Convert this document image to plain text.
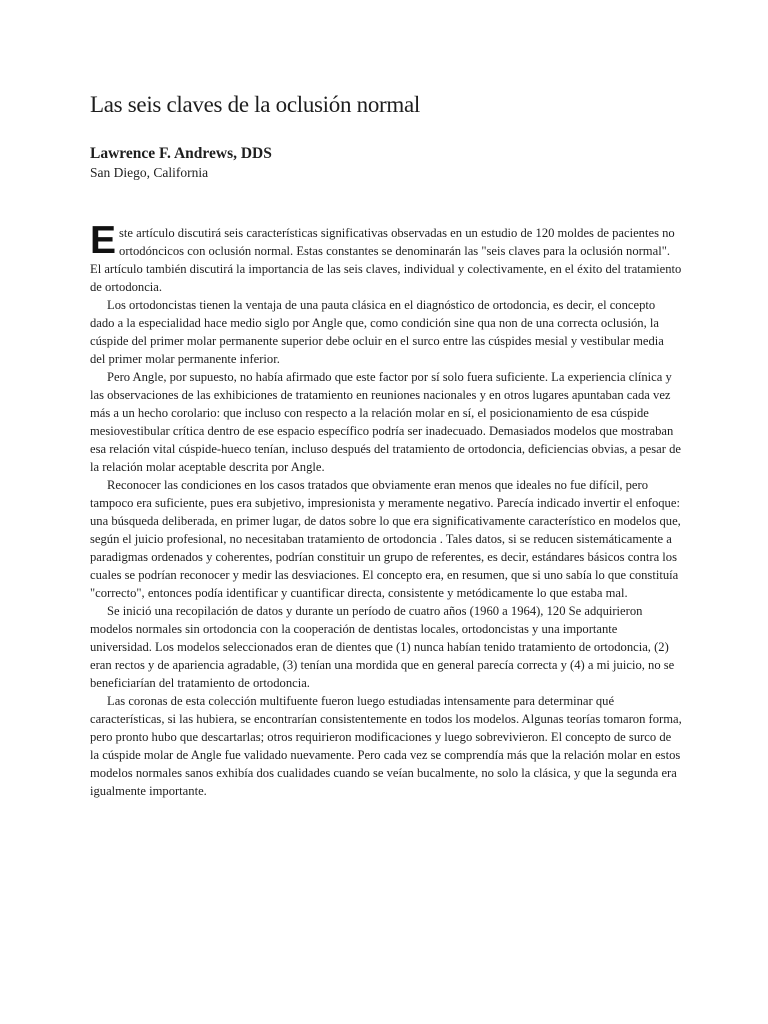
Las seis claves de la oclusión normal

Lawrence F. Andrews, DDS

San Diego, California

Este artículo discutirá seis características significativas observadas en un estudio de 120 moldes de pacientes no ortodóncicos con oclusión normal. Estas constantes se denominarán las "seis claves para la oclusión normal". El artículo también discutirá la importancia de las seis claves, individual y colectivamente, en el éxito del tratamiento de ortodoncia.

Los ortodoncistas tienen la ventaja de una pauta clásica en el diagnóstico de ortodoncia, es decir, el concepto dado a la especialidad hace medio siglo por Angle que, como condición sine qua non de una correcta oclusión, la cúspide del primer molar permanente superior debe ocluir en el surco entre las cúspides mesial y vestibular media del primer molar permanente inferior.

Pero Angle, por supuesto, no había afirmado que este factor por sí solo fuera suficiente. La experiencia clínica y las observaciones de las exhibiciones de tratamiento en reuniones nacionales y en otros lugares apuntaban cada vez más a un hecho corolario: que incluso con respecto a la relación molar en sí, el posicionamiento de esa cúspide mesiovestibular crítica dentro de ese espacio específico podría ser inadecuado. Demasiados modelos que mostraban esa relación vital cúspide-hueco tenían, incluso después del tratamiento de ortodoncia, deficiencias obvias, a pesar de la relación molar aceptable descrita por Angle.

Reconocer las condiciones en los casos tratados que obviamente eran menos que ideales no fue difícil, pero tampoco era suficiente, pues era subjetivo, impresionista y meramente negativo. Parecía indicado invertir el enfoque: una búsqueda deliberada, en primer lugar, de datos sobre lo que era significativamente característico en modelos que, según el juicio profesional, no necesitaban tratamiento de ortodoncia . Tales datos, si se reducen sistemáticamente a paradigmas ordenados y coherentes, podrían constituir un grupo de referentes, es decir, estándares básicos contra los cuales se podrían reconocer y medir las desviaciones. El concepto era, en resumen, que si uno sabía lo que constituía "correcto", entonces podía identificar y cuantificar directa, consistente y metódicamente lo que estaba mal.

Se inició una recopilación de datos y durante un período de cuatro años (1960 a 1964), 120 Se adquirieron modelos normales sin ortodoncia con la cooperación de dentistas locales, ortodoncistas y una importante universidad. Los modelos seleccionados eran de dientes que (1) nunca habían tenido tratamiento de ortodoncia, (2) eran rectos y de apariencia agradable, (3) tenían una mordida que en general parecía correcta y (4) a mi juicio, no se beneficiarían del tratamiento de ortodoncia.

Las coronas de esta colección multifuente fueron luego estudiadas intensamente para determinar qué características, si las hubiera, se encontrarían consistentemente en todos los modelos. Algunas teorías tomaron forma, pero pronto hubo que descartarlas; otros requirieron modificaciones y luego sobrevivieron. El concepto de surco de la cúspide molar de Angle fue validado nuevamente. Pero cada vez se comprendía más que la relación molar en estos modelos normales sanos exhibía dos cualidades cuando se veían bucalmente, no solo la clásica, y que la segunda era igualmente importante.
